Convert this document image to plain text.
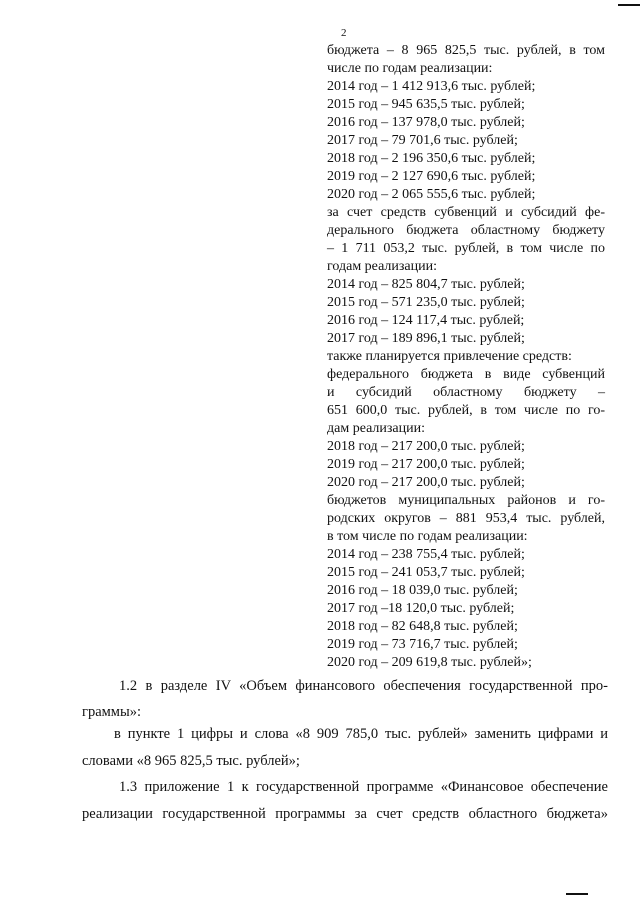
2
бюджета – 8 965 825,5 тыс. рублей, в том
числе по годам реализации:
2014 год – 1 412 913,6 тыс. рублей;
2015 год – 945 635,5 тыс. рублей;
2016 год – 137 978,0 тыс. рублей;
2017 год – 79 701,6 тыс. рублей;
2018 год – 2 196 350,6 тыс. рублей;
2019 год – 2 127 690,6 тыс. рублей;
2020 год – 2 065 555,6 тыс. рублей;
за счет средств субвенций и субсидий фе-
дерального бюджета областному бюджету
– 1 711 053,2 тыс. рублей, в том числе по
годам реализации:
2014 год – 825 804,7 тыс. рублей;
2015 год – 571 235,0 тыс. рублей;
2016 год – 124 117,4 тыс. рублей;
2017 год – 189 896,1 тыс. рублей;
также планируется привлечение средств:
федерального бюджета в виде субвенций
и субсидий областному бюджету –
651 600,0 тыс. рублей, в том числе по го-
дам реализации:
2018 год – 217 200,0 тыс. рублей;
2019 год – 217 200,0 тыс. рублей;
2020 год – 217 200,0 тыс. рублей;
бюджетов муниципальных районов и го-
родских округов – 881 953,4 тыс. рублей,
в том числе по годам реализации:
2014 год – 238 755,4 тыс. рублей;
2015 год – 241 053,7 тыс. рублей;
2016 год – 18 039,0 тыс. рублей;
2017 год –18 120,0 тыс. рублей;
2018 год – 82 648,8 тыс. рублей;
2019 год – 73 716,7 тыс. рублей;
2020 год – 209 619,8 тыс. рублей»;
1.2 в разделе IV «Объем финансового обеспечения государственной про-
граммы»:
в пункте 1 цифры и слова «8 909 785,0 тыс. рублей» заменить цифрами и
словами «8 965 825,5 тыс. рублей»;
1.3 приложение 1 к государственной программе «Финансовое обеспечение
реализации государственной программы за счет средств областного бюджета»
